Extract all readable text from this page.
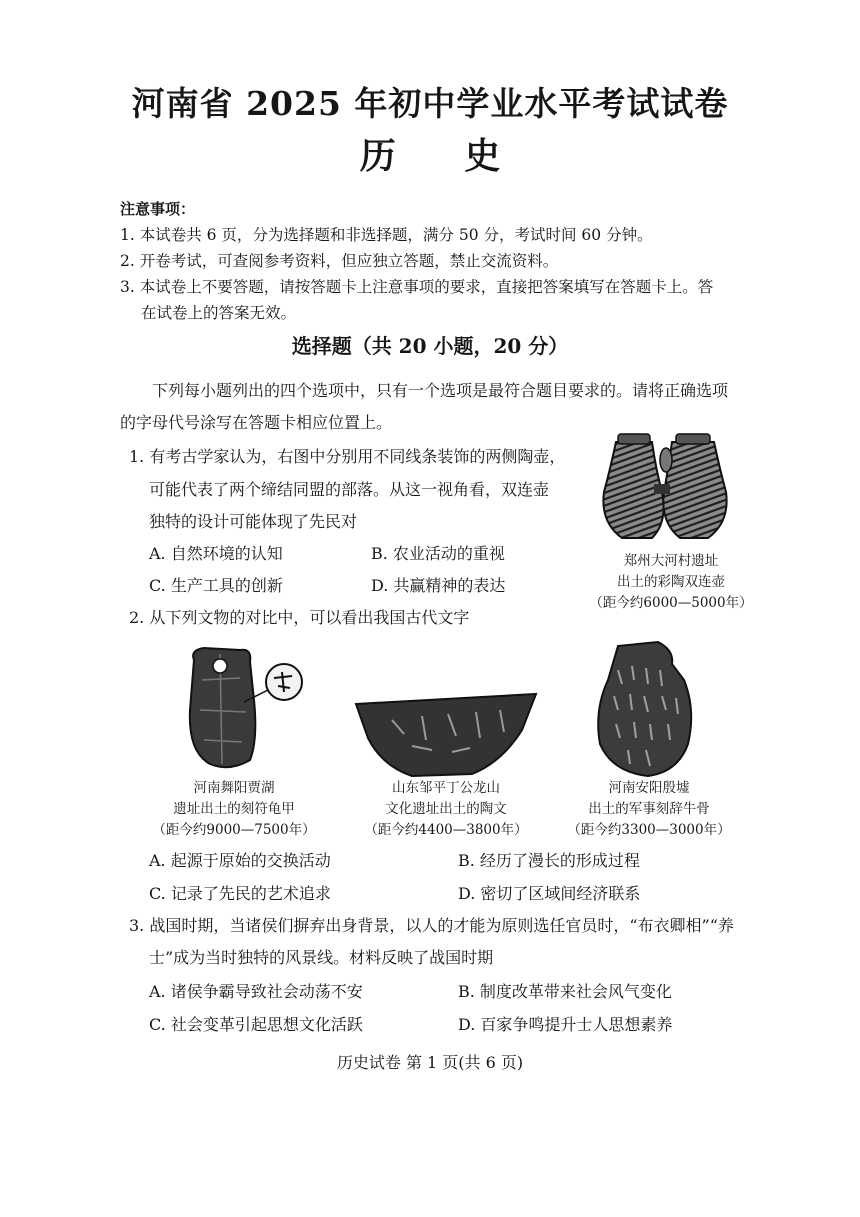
河南省 2025 年初中学业水平考试试卷
历 史
注意事项：
1. 本试卷共 6 页，分为选择题和非选择题，满分 50 分，考试时间 60 分钟。
2. 开卷考试，可查阅参考资料，但应独立答题，禁止交流资料。
3. 本试卷上不要答题，请按答题卡上注意事项的要求，直接把答案填写在答题卡上。答
在试卷上的答案无效。
选择题（共 20 小题，20 分）
下列每小题列出的四个选项中，只有一个选项是最符合题目要求的。请将正确选项
的字母代号涂写在答题卡相应位置上。
1. 有考古学家认为，右图中分别用不同线条装饰的两侧陶壶，
可能代表了两个缔结同盟的部落。从这一视角看，双连壶
独特的设计可能体现了先民对
A. 自然环境的认知	B. 农业活动的重视
C. 生产工具的创新	D. 共赢精神的表达
郑州大河村遗址
出土的彩陶双连壶
（距今约6000—5000年）
2. 从下列文物的对比中，可以看出我国古代文字
河南舞阳贾湖
遗址出土的刻符龟甲
（距今约9000—7500年）
山东邹平丁公龙山
文化遗址出土的陶文
（距今约4400—3800年）
河南安阳殷墟
出土的军事刻辞牛骨
（距今约3300—3000年）
A. 起源于原始的交换活动	B. 经历了漫长的形成过程
C. 记录了先民的艺术追求	D. 密切了区域间经济联系
3. 战国时期，当诸侯们摒弃出身背景，以人的才能为原则选任官员时，“布衣卿相”“养
士”成为当时独特的风景线。材料反映了战国时期
A. 诸侯争霸导致社会动荡不安	B. 制度改革带来社会风气变化
C. 社会变革引起思想文化活跃	D. 百家争鸣提升士人思想素养
历史试卷 第 1 页(共 6 页)
